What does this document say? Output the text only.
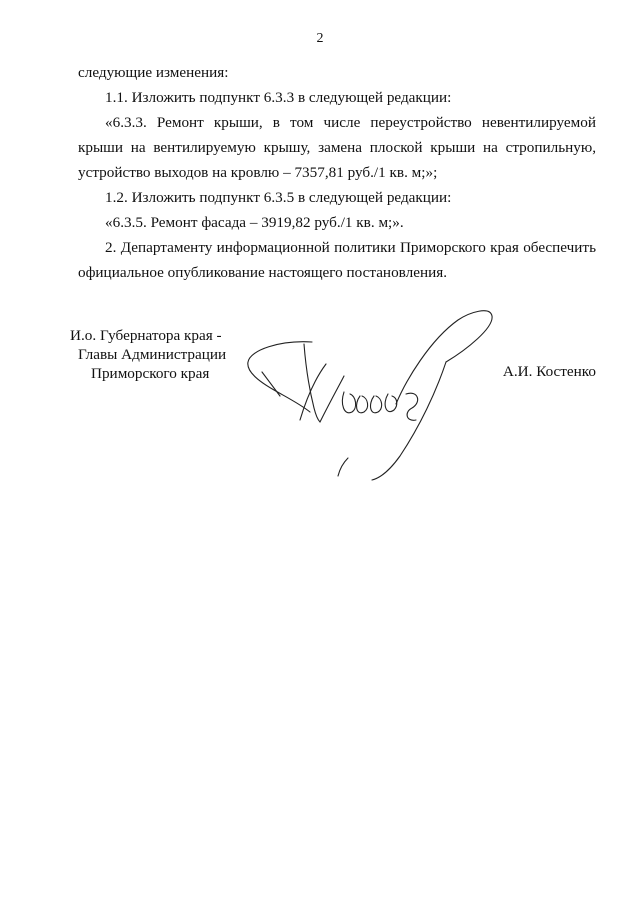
2

следующие изменения:

1.1. Изложить подпункт 6.3.3 в следующей редакции:

«6.3.3. Ремонт крыши, в том числе переустройство невентилируемой крыши на вентилируемую крышу, замена плоской крыши на стропильную, устройство выходов на кровлю – 7357,81 руб./1 кв. м;»;

1.2. Изложить подпункт 6.3.5 в следующей редакции:

«6.3.5. Ремонт фасада – 3919,82 руб./1 кв. м;».

2. Департаменту информационной политики Приморского края обеспечить официальное опубликование настоящего постановления.

И.о. Губернатора края -
Главы Администрации
Приморского края	А.И. Костенко
